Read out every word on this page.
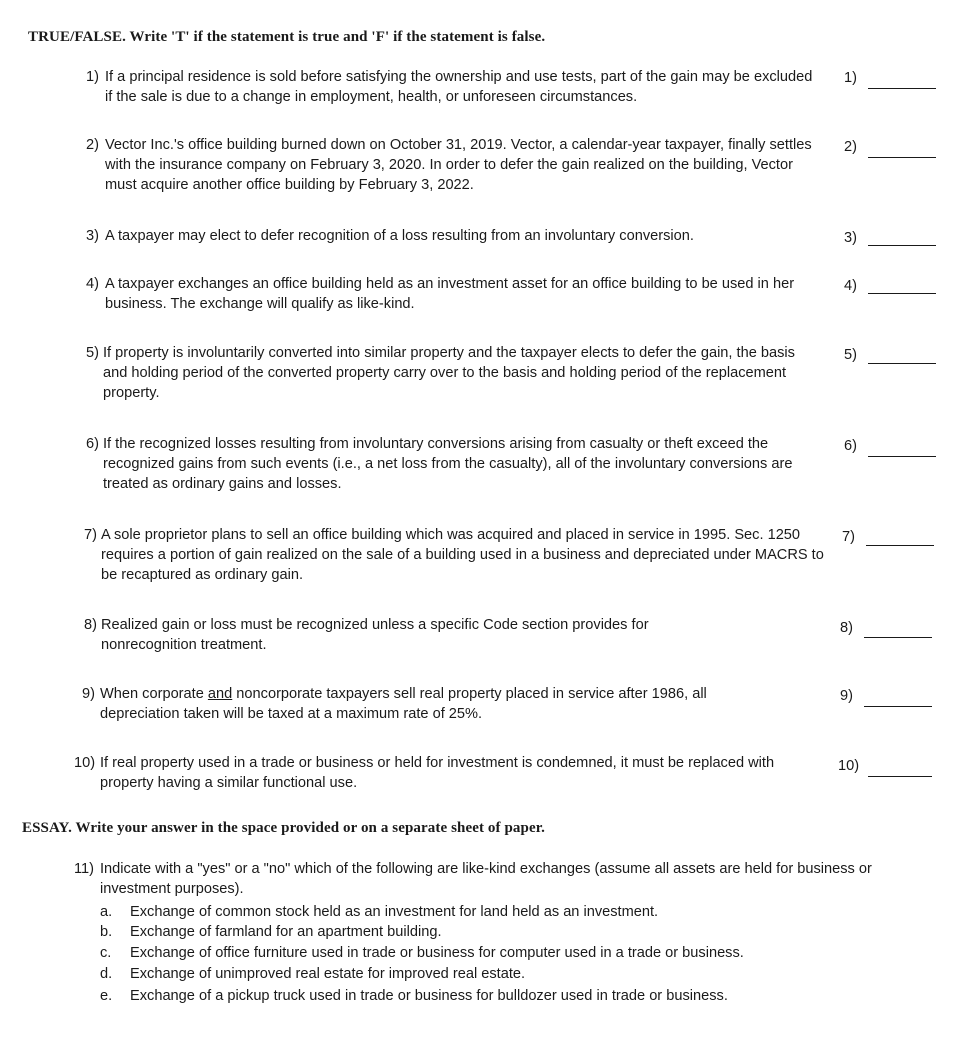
TRUE/FALSE. Write 'T' if the statement is true and 'F' if the statement is false.
1) If a principal residence is sold before satisfying the ownership and use tests, part of the gain may be excluded if the sale is due to a change in employment, health, or unforeseen circumstances.
1)
2) Vector Inc.'s office building burned down on October 31, 2019. Vector, a calendar-year taxpayer, finally settles with the insurance company on February 3, 2020. In order to defer the gain realized on the building, Vector must acquire another office building by February 3, 2022.
2)
3) A taxpayer may elect to defer recognition of a loss resulting from an involuntary conversion.	3)
4) A taxpayer exchanges an office building held as an investment asset for an office building to be used in her business. The exchange will qualify as like-kind.
4)
5) If property is involuntarily converted into similar property and the taxpayer elects to defer the gain, the basis and holding period of the converted property carry over to the basis and holding period of the replacement property.
5)
6) If the recognized losses resulting from involuntary conversions arising from casualty or theft exceed the recognized gains from such events (i.e., a net loss from the casualty), all of the involuntary conversions are treated as ordinary gains and losses.
6)
7) A sole proprietor plans to sell an office building which was acquired and placed in service in 1995. Sec. 1250 requires a portion of gain realized on the sale of a building used in a business and depreciated under MACRS to be recaptured as ordinary gain.
7)
8) Realized gain or loss must be recognized unless a specific Code section provides for nonrecognition treatment.
8)
9) When corporate and noncorporate taxpayers sell real property placed in service after 1986, all depreciation taken will be taxed at a maximum rate of 25%.
9)
10) If real property used in a trade or business or held for investment is condemned, it must be replaced with property having a similar functional use.
10)
ESSAY. Write your answer in the space provided or on a separate sheet of paper.
11) Indicate with a "yes" or a "no" which of the following are like-kind exchanges (assume all assets are held for business or investment purposes).
a. Exchange of common stock held as an investment for land held as an investment.
b. Exchange of farmland for an apartment building.
c. Exchange of office furniture used in trade or business for computer used in a trade or business.
d. Exchange of unimproved real estate for improved real estate.
e. Exchange of a pickup truck used in trade or business for bulldozer used in trade or business.
